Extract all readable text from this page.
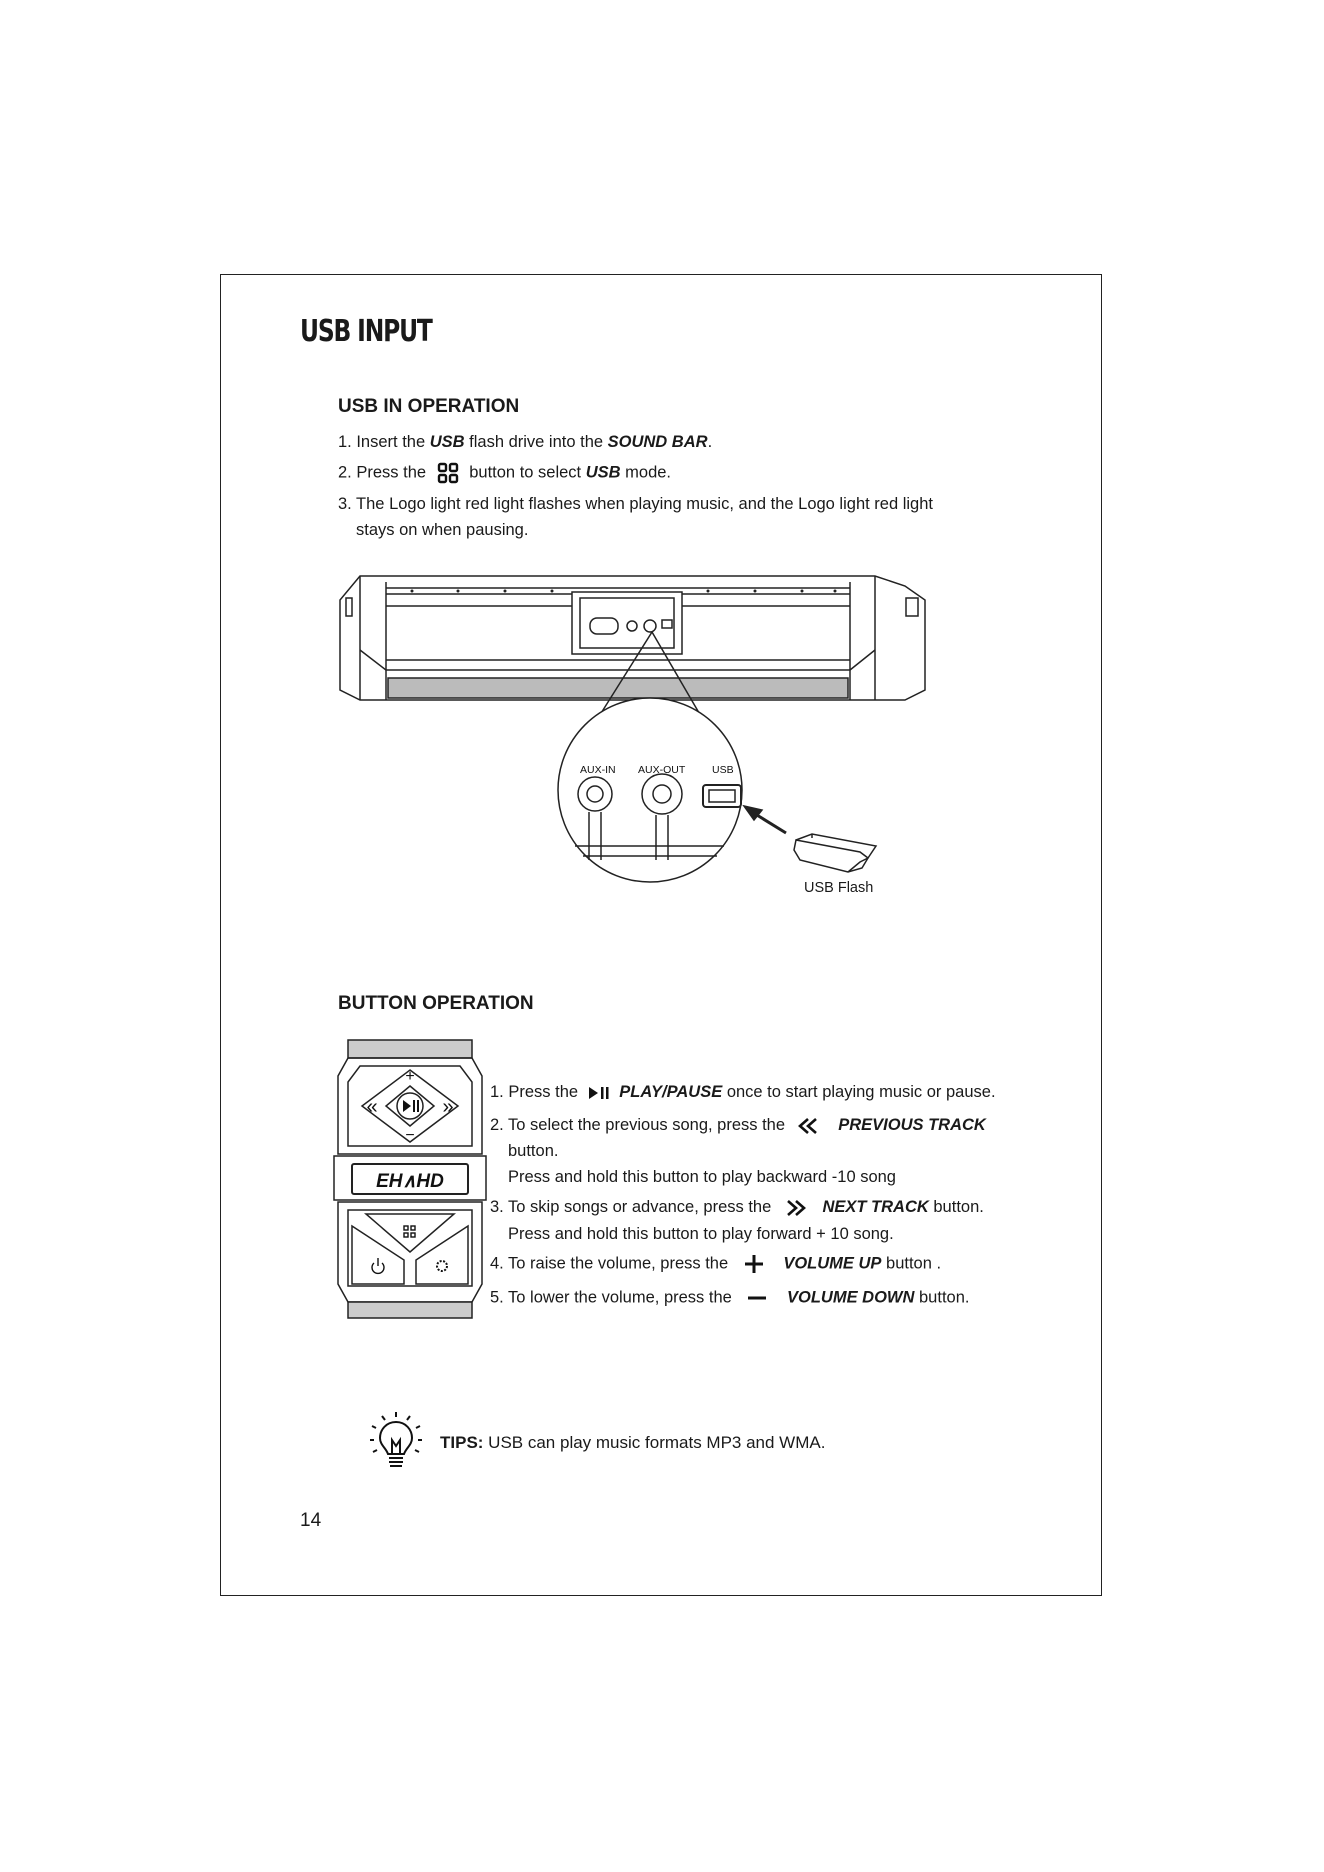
USB INPUT
USB IN OPERATION
1. Insert the USB flash drive into the SOUND BAR.
2. Press the  button to select USB mode.
3. The Logo light red light flashes when playing music, and the Logo light red light
stays on when pausing.
AUX-IN AUX-OUT	USB
USB Flash
BUTTON OPERATION
+
−
«	»
EH∧HD
1. Press the  PLAY/PAUSE once to start playing music or pause.
2. To select the previous song, press the	PREVIOUS TRACK
button.
Press and hold this button to play backward -10 song
3. To skip songs or advance, press the	NEXT TRACK button.
Press and hold this button to play forward + 10 song.
4. To raise the volume, press the	VOLUME UP button .
5. To lower the volume, press the	VOLUME DOWN button.
TIPS: USB can play music formats MP3 and WMA.
14
